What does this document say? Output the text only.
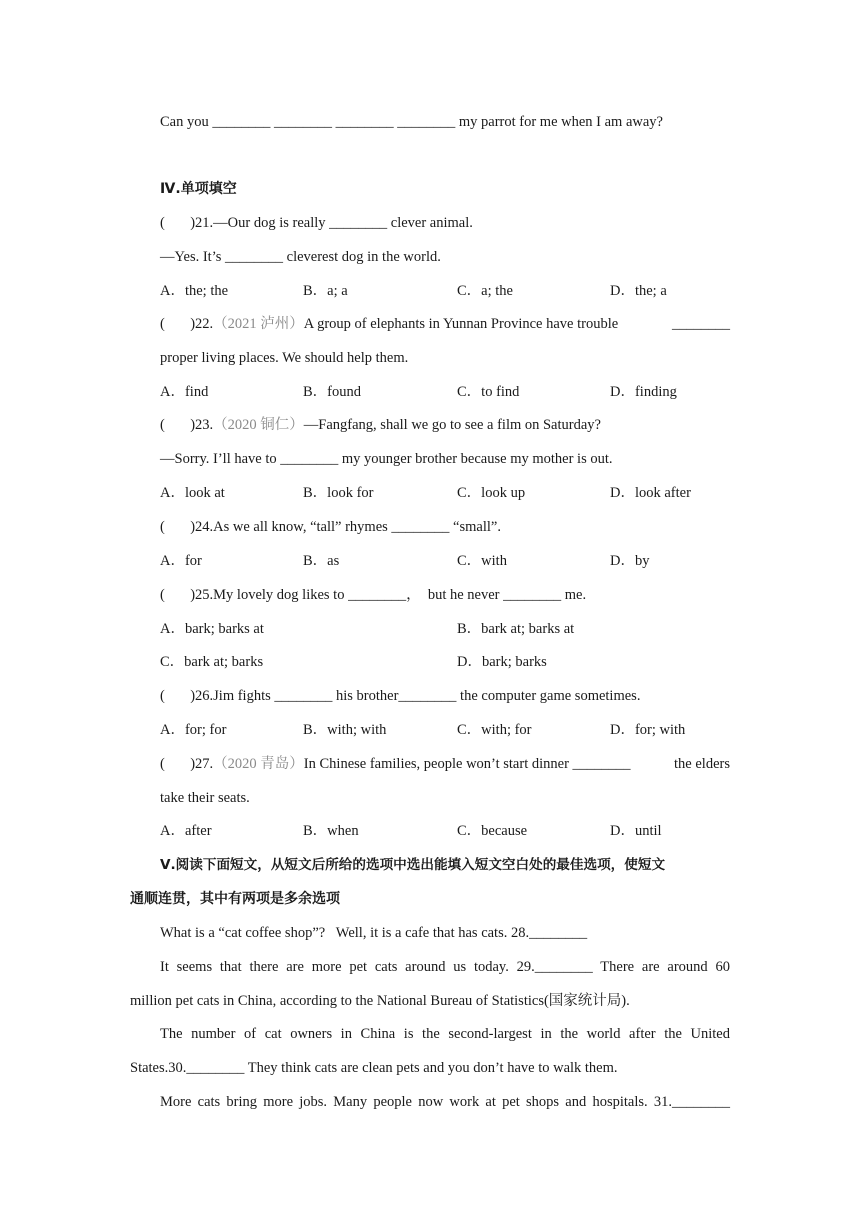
Can you ________ ________ ________ ________ my parrot for me when I am away?
Ⅳ.单项填空
(       )21.—Our dog is really ________ clever animal.
—Yes. It’s ________ cleverest dog in the world.
A．the; the	B．a; a	C．a; the	D．the; a
(       )22.（2021 泸州）A group of elephants in Yunnan Province have trouble	________
proper living places. We should help them.
A．find	B．found	C．to find	D．finding
(       )23.（2020 铜仁）—Fangfang, shall we go to see a film on Saturday?
—Sorry. I’ll have to ________ my younger brother because my mother is out.
A．look at	B．look for	C．look up	D．look after
(       )24.As we all know, “tall” rhymes ________ “small”.
A．for	B．as	C．with	D．by
(       )25.My lovely dog likes to ________，  but he never ________ me.
A．bark; barks at	B．bark at; barks at
C．bark at; barks	D．bark; barks
(       )26.Jim fights ________ his brother________ the computer game sometimes.
A．for; for	B．with; with	C．with; for	D．for; with
(       )27.（2020 青岛）In Chinese families, people won’t start dinner ________	the elders
take their seats.
A．after	B．when	C．because	D．until
Ⅴ.阅读下面短文，从短文后所给的选项中选出能填入短文空白处的最佳选项，使短文
通顺连贯，其中有两项是多余选项
What is a “cat coffee shop”?   Well, it is a cafe that has cats. 28.________
It seems that there are more pet cats around us today. 29.________ There are around 60
million pet cats in China, according to the National Bureau of Statistics(国家统计局).
The number of cat owners in China is the second-largest in the world after the United
States.30.________ They think cats are clean pets and you don’t have to walk them.
More cats bring more jobs. Many people now work at pet shops and hospitals. 31.________
